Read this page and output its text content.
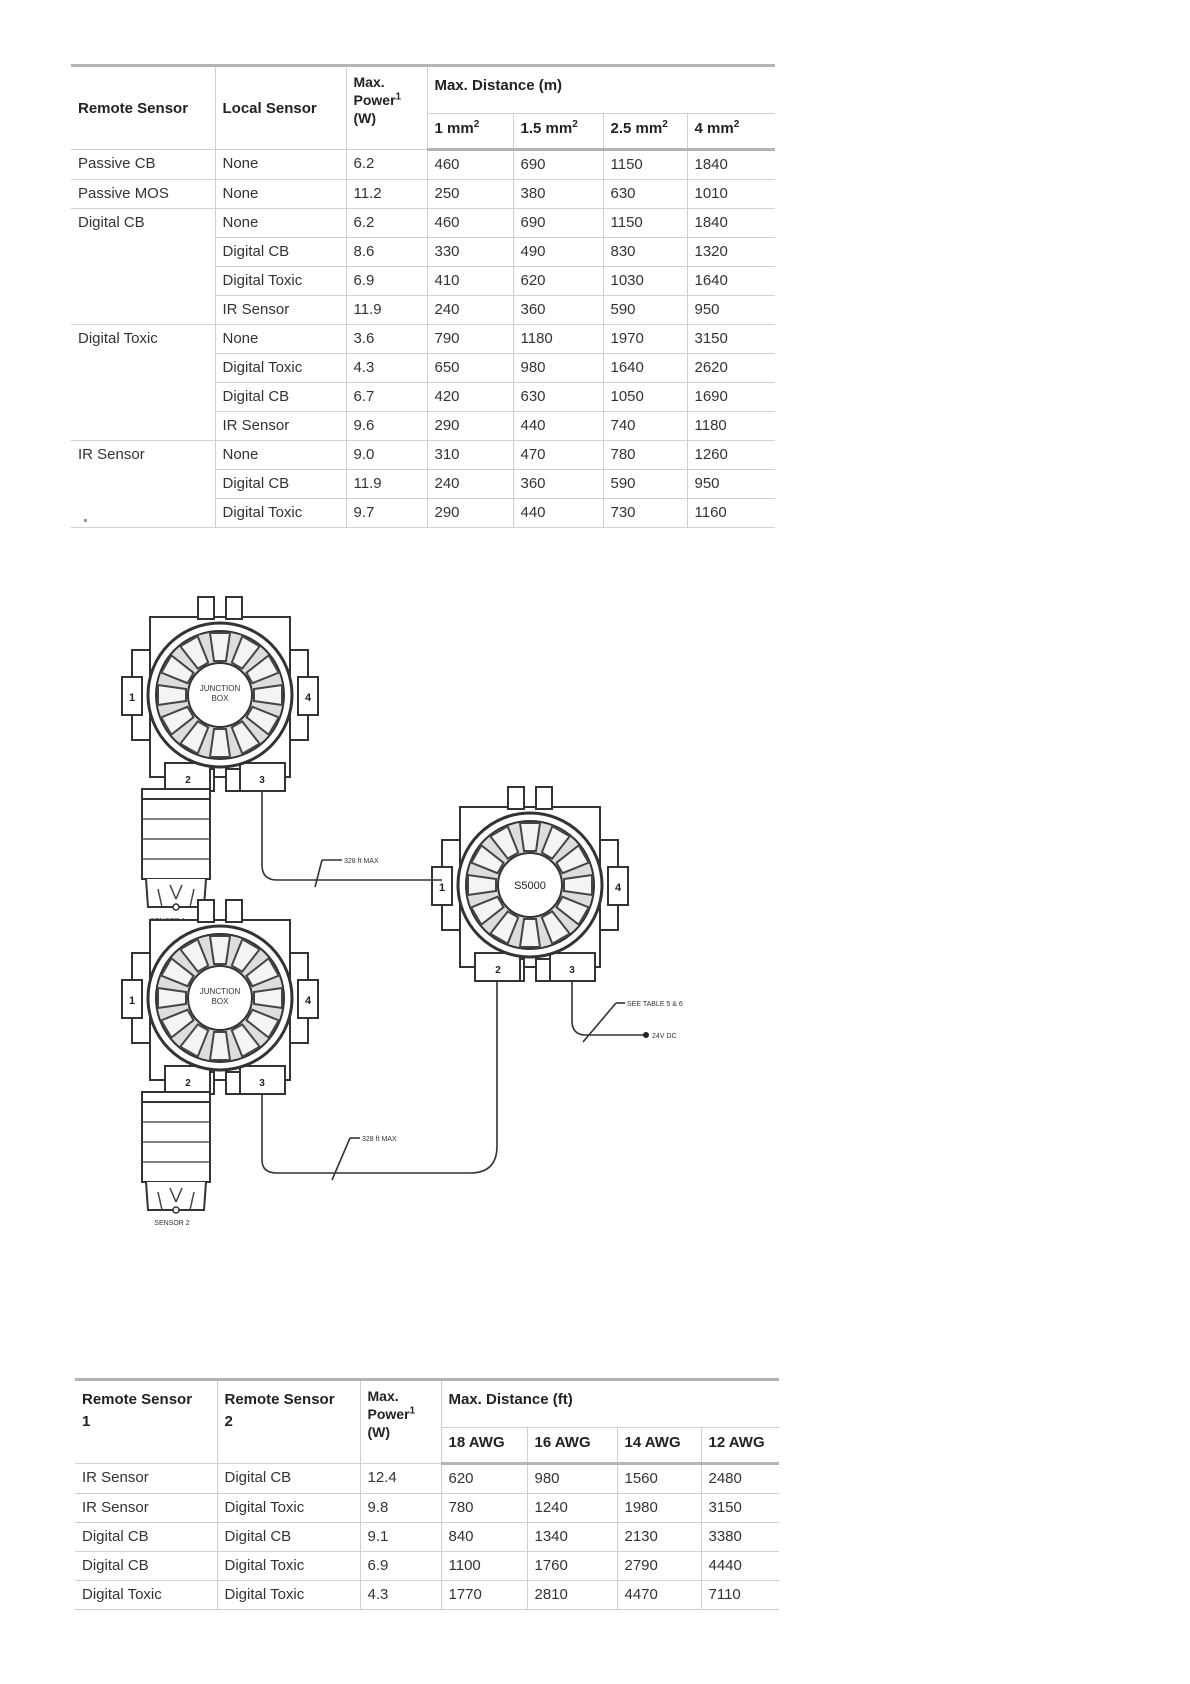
Remote Sensor	Local Sensor	Max.
Power$^1$
(W)	Max. Distance (m)			
			1 $mm^2$	1.5 $mm^2$	2.5 $mm^2$	4 $mm^2$
Passive CB	None	6.2	460	690	1150	1840
Passive MOS	None	11.2	250	380	630	1010
Digital CB	None	6.2	460	690	1150	1840
	Digital CB	8.6	330	490	830	1320
	Digital Toxic	6.9	410	620	1030	1640
	IR Sensor	11.9	240	360	590	950
Digital Toxic	None	3.6	790	1180	1970	3150
	Digital Toxic	4.3	650	980	1640	2620
	Digital CB	6.7	420	630	1050	1690
	IR Sensor	9.6	290	440	740	1180
IR Sensor	None	9.0	310	470	780	1260
	Digital CB	11.9	240	360	590	950
	Digital Toxic	9.7	290	440	730	1160
JUNCTION
BOX
1	4
2	3
JUNCTION
BOX
1	4
2	3
SENSOR 2
S5000
1	4
2	3
328 ft MAX
328 ft MAX
SEE TABLE 5 & 6
24V DC
Remote Sensor
1	Remote Sensor
2	Max.
Power$^1$
(W)	Max. Distance (ft)			
			18 AWG	16 AWG	14 AWG	12 AWG
IR Sensor	Digital CB	12.4	620	980	1560	2480
IR Sensor	Digital Toxic	9.8	780	1240	1980	3150
Digital CB	Digital CB	9.1	840	1340	2130	3380
Digital CB	Digital Toxic	6.9	1100	1760	2790	4440
Digital Toxic	Digital Toxic	4.3	1770	2810	4470	7110
